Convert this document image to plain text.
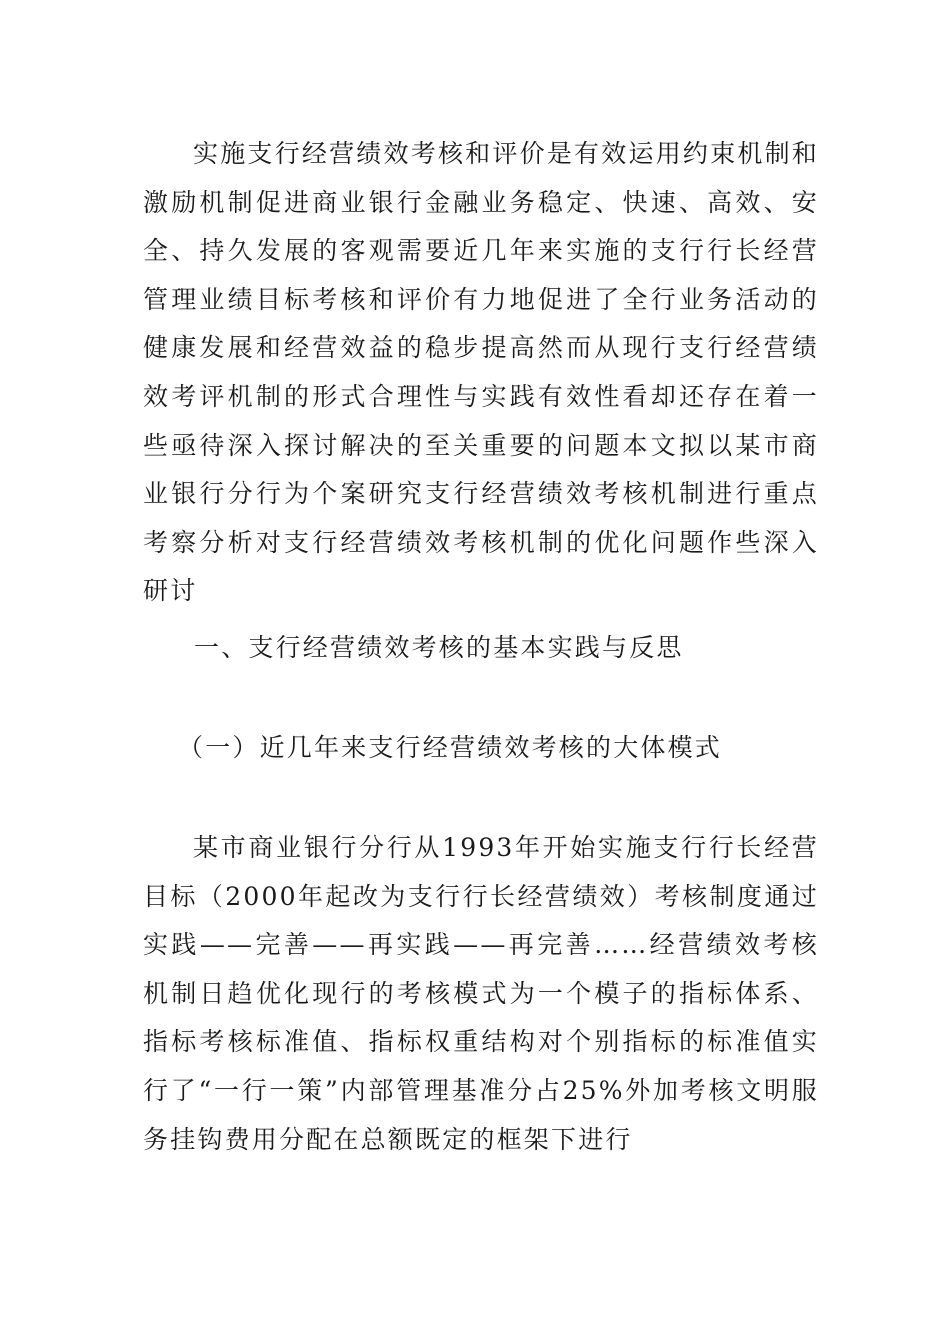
实施支行经营绩效考核和评价是有效运用约束机制和激励机制促进商业银行金融业务稳定、快速、高效、安全、持久发展的客观需要近几年来实施的支行行长经营管理业绩目标考核和评价有力地促进了全行业务活动的健康发展和经营效益的稳步提高然而从现行支行经营绩效考评机制的形式合理性与实践有效性看却还存在着一些亟待深入探讨解决的至关重要的问题本文拟以某市商业银行分行为个案研究支行经营绩效考核机制进行重点考察分析对支行经营绩效考核机制的优化问题作些深入研讨

一、支行经营绩效考核的基本实践与反思

（一）近几年来支行经营绩效考核的大体模式

某市商业银行分行从1993年开始实施支行行长经营目标（2000年起改为支行行长经营绩效）考核制度通过实践——完善——再实践——再完善……经营绩效考核机制日趋优化现行的考核模式为一个模子的指标体系、指标考核标准值、指标权重结构对个别指标的标准值实行了“一行一策”内部管理基准分占25%外加考核文明服务挂钩费用分配在总额既定的框架下进行
